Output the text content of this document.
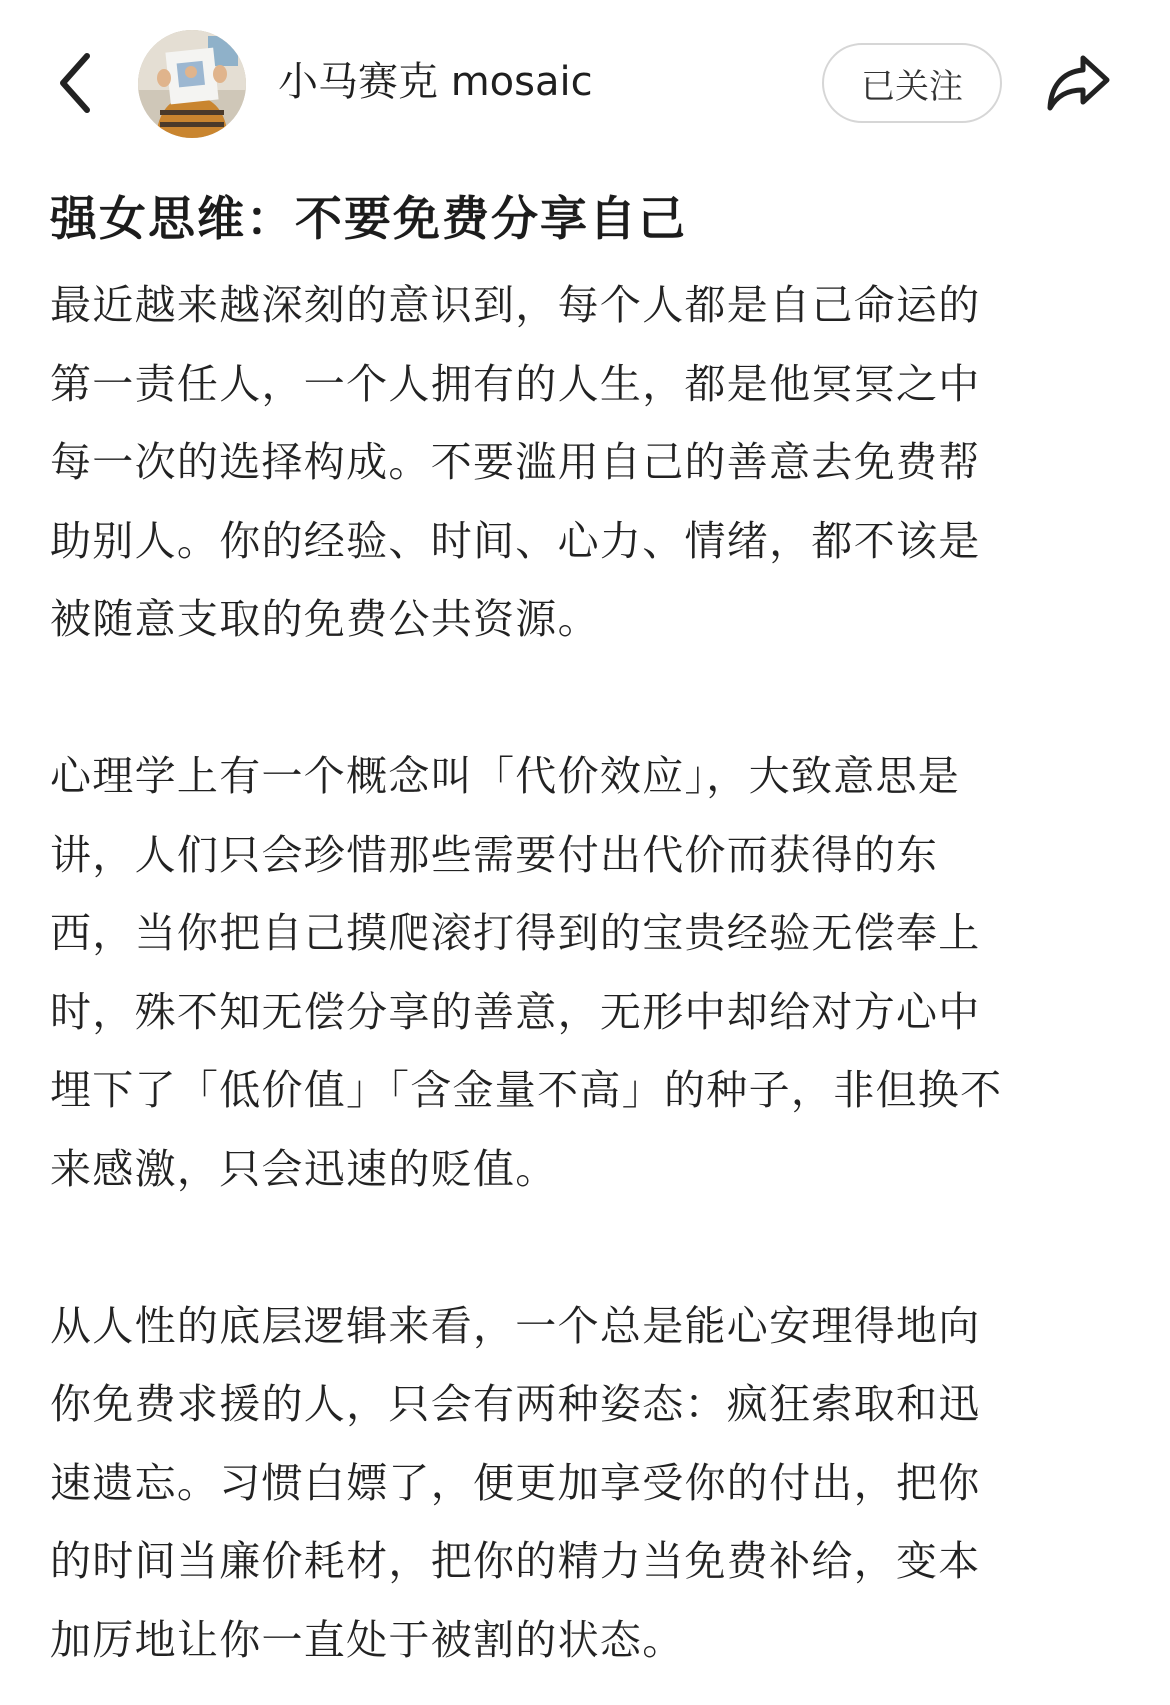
小马赛克 mosaic	已关注
强女思维：不要免费分享自己

最近越来越深刻的意识到，每个人都是自己命运的
第一责任人，一个人拥有的人生，都是他冥冥之中
每一次的选择构成。不要滥用自己的善意去免费帮
助别人。你的经验、时间、心力、情绪，都不该是
被随意支取的免费公共资源。

心理学上有一个概念叫「代价效应」，大致意思是
讲，人们只会珍惜那些需要付出代价而获得的东
西，当你把自己摸爬滚打得到的宝贵经验无偿奉上
时，殊不知无偿分享的善意，无形中却给对方心中
埋下了「低价值」「含金量不高」的种子，非但换不
来感激，只会迅速的贬值。

从人性的底层逻辑来看，一个总是能心安理得地向
你免费求援的人，只会有两种姿态：疯狂索取和迅
速遗忘。习惯白嫖了，便更加享受你的付出，把你
的时间当廉价耗材，把你的精力当免费补给，变本
加厉地让你一直处于被割的状态。
